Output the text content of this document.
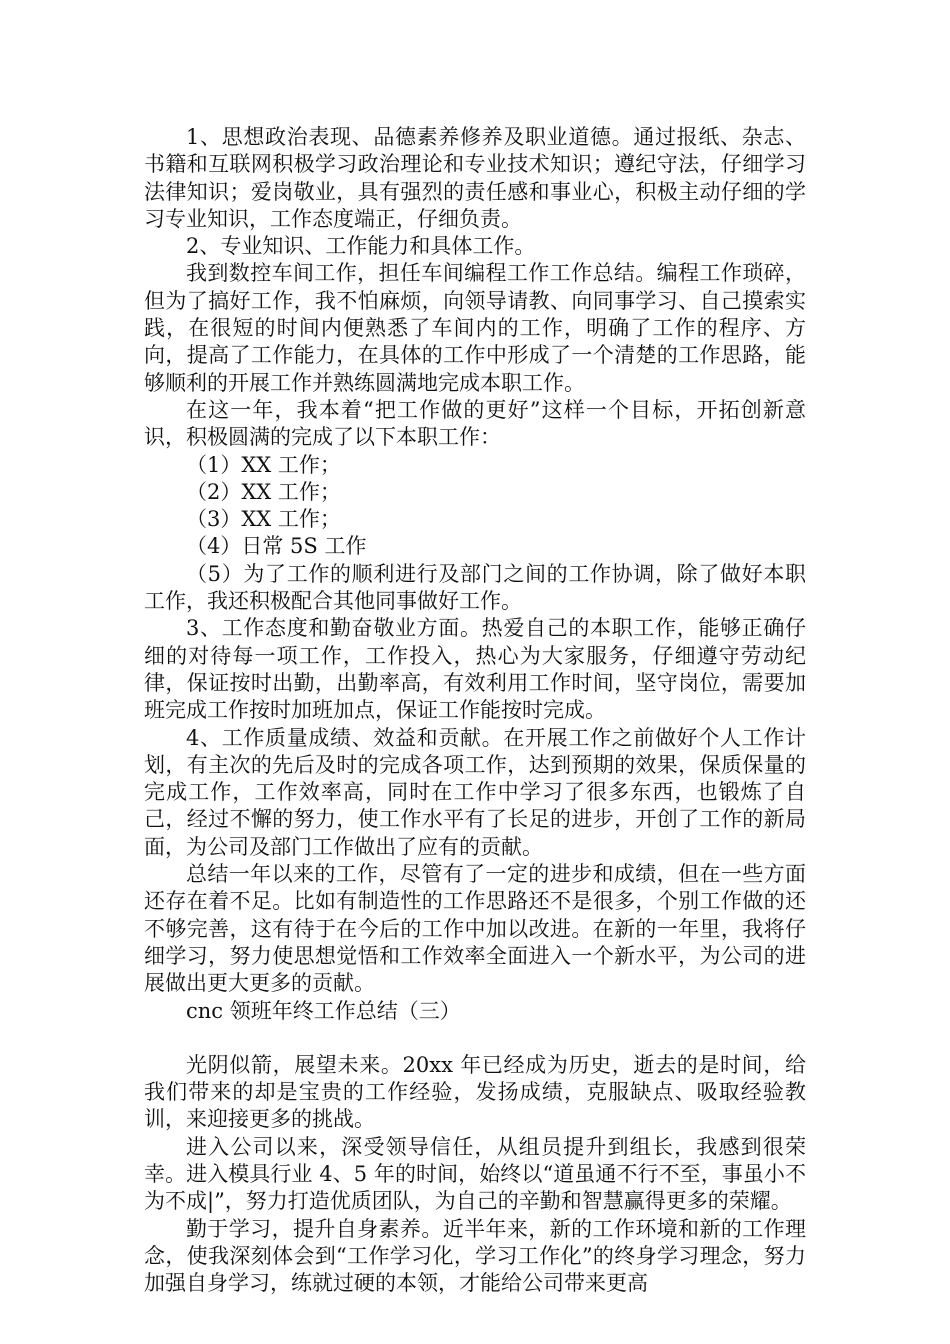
1、思想政治表现、品德素养修养及职业道德。通过报纸、杂志、书籍和互联网积极学习政治理论和专业技术知识；遵纪守法，仔细学习法律知识；爱岗敬业，具有强烈的责任感和事业心，积极主动仔细的学习专业知识，工作态度端正，仔细负责。

2、专业知识、工作能力和具体工作。

我到数控车间工作，担任车间编程工作工作总结。编程工作琐碎，但为了搞好工作，我不怕麻烦，向领导请教、向同事学习、自己摸索实践，在很短的时间内便熟悉了车间内的工作，明确了工作的程序、方向，提高了工作能力，在具体的工作中形成了一个清楚的工作思路，能够顺利的开展工作并熟练圆满地完成本职工作。

在这一年，我本着“把工作做的更好”这样一个目标，开拓创新意识，积极圆满的完成了以下本职工作：

（1）XX 工作；

（2）XX 工作；

（3）XX 工作；

（4）日常 5S 工作

（5）为了工作的顺利进行及部门之间的工作协调，除了做好本职工作，我还积极配合其他同事做好工作。

3、工作态度和勤奋敬业方面。热爱自己的本职工作，能够正确仔细的对待每一项工作，工作投入，热心为大家服务，仔细遵守劳动纪律，保证按时出勤，出勤率高，有效利用工作时间，坚守岗位，需要加班完成工作按时加班加点，保证工作能按时完成。

4、工作质量成绩、效益和贡献。在开展工作之前做好个人工作计划，有主次的先后及时的完成各项工作，达到预期的效果，保质保量的完成工作，工作效率高，同时在工作中学习了很多东西，也锻炼了自己，经过不懈的努力，使工作水平有了长足的进步，开创了工作的新局面，为公司及部门工作做出了应有的贡献。

总结一年以来的工作，尽管有了一定的进步和成绩，但在一些方面还存在着不足。比如有制造性的工作思路还不是很多，个别工作做的还不够完善，这有待于在今后的工作中加以改进。在新的一年里，我将仔细学习，努力使思想觉悟和工作效率全面进入一个新水平，为公司的进展做出更大更多的贡献。

cnc 领班年终工作总结（三）

光阴似箭，展望未来。20xx 年已经成为历史，逝去的是时间，给我们带来的却是宝贵的工作经验，发扬成绩，克服缺点、吸取经验教训，来迎接更多的挑战。

进入公司以来，深受领导信任，从组员提升到组长，我感到很荣幸。进入模具行业 4、5 年的时间，始终以“道虽通不行不至，事虽小不为不成|”，努力打造优质团队，为自己的辛勤和智慧赢得更多的荣耀。

勤于学习，提升自身素养。近半年来，新的工作环境和新的工作理念，使我深刻体会到“工作学习化，学习工作化”的终身学习理念，努力加强自身学习，练就过硬的本领，才能给公司带来更高
